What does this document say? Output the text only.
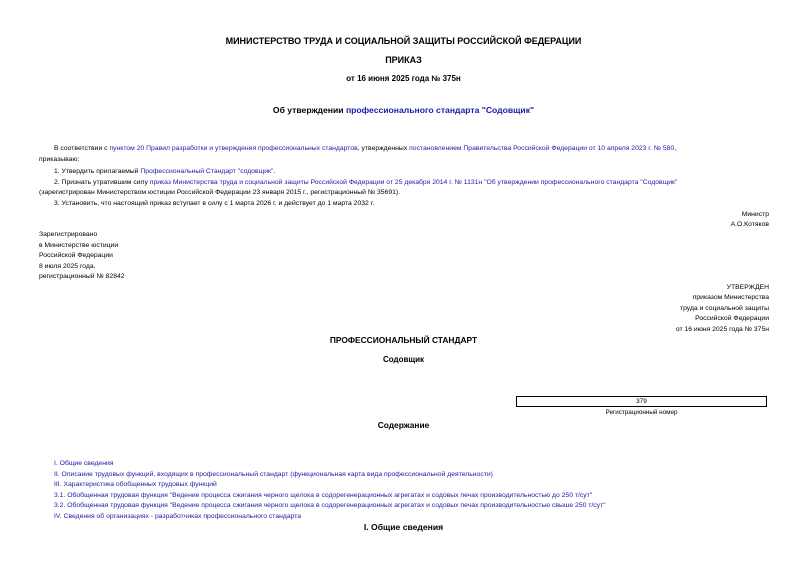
МИНИСТЕРСТВО ТРУДА И СОЦИАЛЬНОЙ ЗАЩИТЫ РОССИЙСКОЙ ФЕДЕРАЦИИ
ПРИКАЗ
от 16 июня 2025 года № 375н
Об утверждении профессионального стандарта "Содовщик"
В соответствии с пунктом 20 Правил разработки и утверждения профессиональных стандартов, утвержденных постановлением Правительства Российской Федерации от 10 апреля 2023 г. № 580,
приказываю:
1. Утвердить прилагаемый Профессиональный Стандарт "содовщик".
2. Признать утратившим силу приказ Министерства труда и социальной защиты Российской Федерации от 25 декабря 2014 г. № 1131н "Об утверждении профессионального стандарта "Содовщик"
(зарегистрирован Министерством юстиции Российской Федерации 23 января 2015 г., регистрационный № 35691).
3. Установить, что настоящий приказ вступает в силу с 1 марта 2026 г. и действует до 1 марта 2032 г.
Министр
А.О.Котяков
Зарегистрировано
в Министерстве юстиции
Российской Федерации
8 июля 2025 года,
регистрационный № 82842
УТВЕРЖДЕН
приказом Министерства
труда и социальной защиты
Российской Федерации
от 16 июня 2025 года № 375н
ПРОФЕССИОНАЛЬНЫЙ СТАНДАРТ
Содовщик
379
Регистрационный номер
Содержание
I. Общие сведения
II. Описание трудовых функций, входящих в профессиональный стандарт (функциональная карта вида профессиональной деятельности)
III. Характеристика обобщенных трудовых функций
3.1. Обобщенная трудовая функция "Ведение процесса сжигания черного щелока в содорегенерационных агрегатах и содовых печах производительностью до 250 т/сут"
3.2. Обобщенная трудовая функция "Ведение процесса сжигания черного щелока в содорегенерационных агрегатах и содовых печах производительностью свыше 250 т/сут"
IV. Сведения об организациях - разработчиках профессионального стандарта
I. Общие сведения
